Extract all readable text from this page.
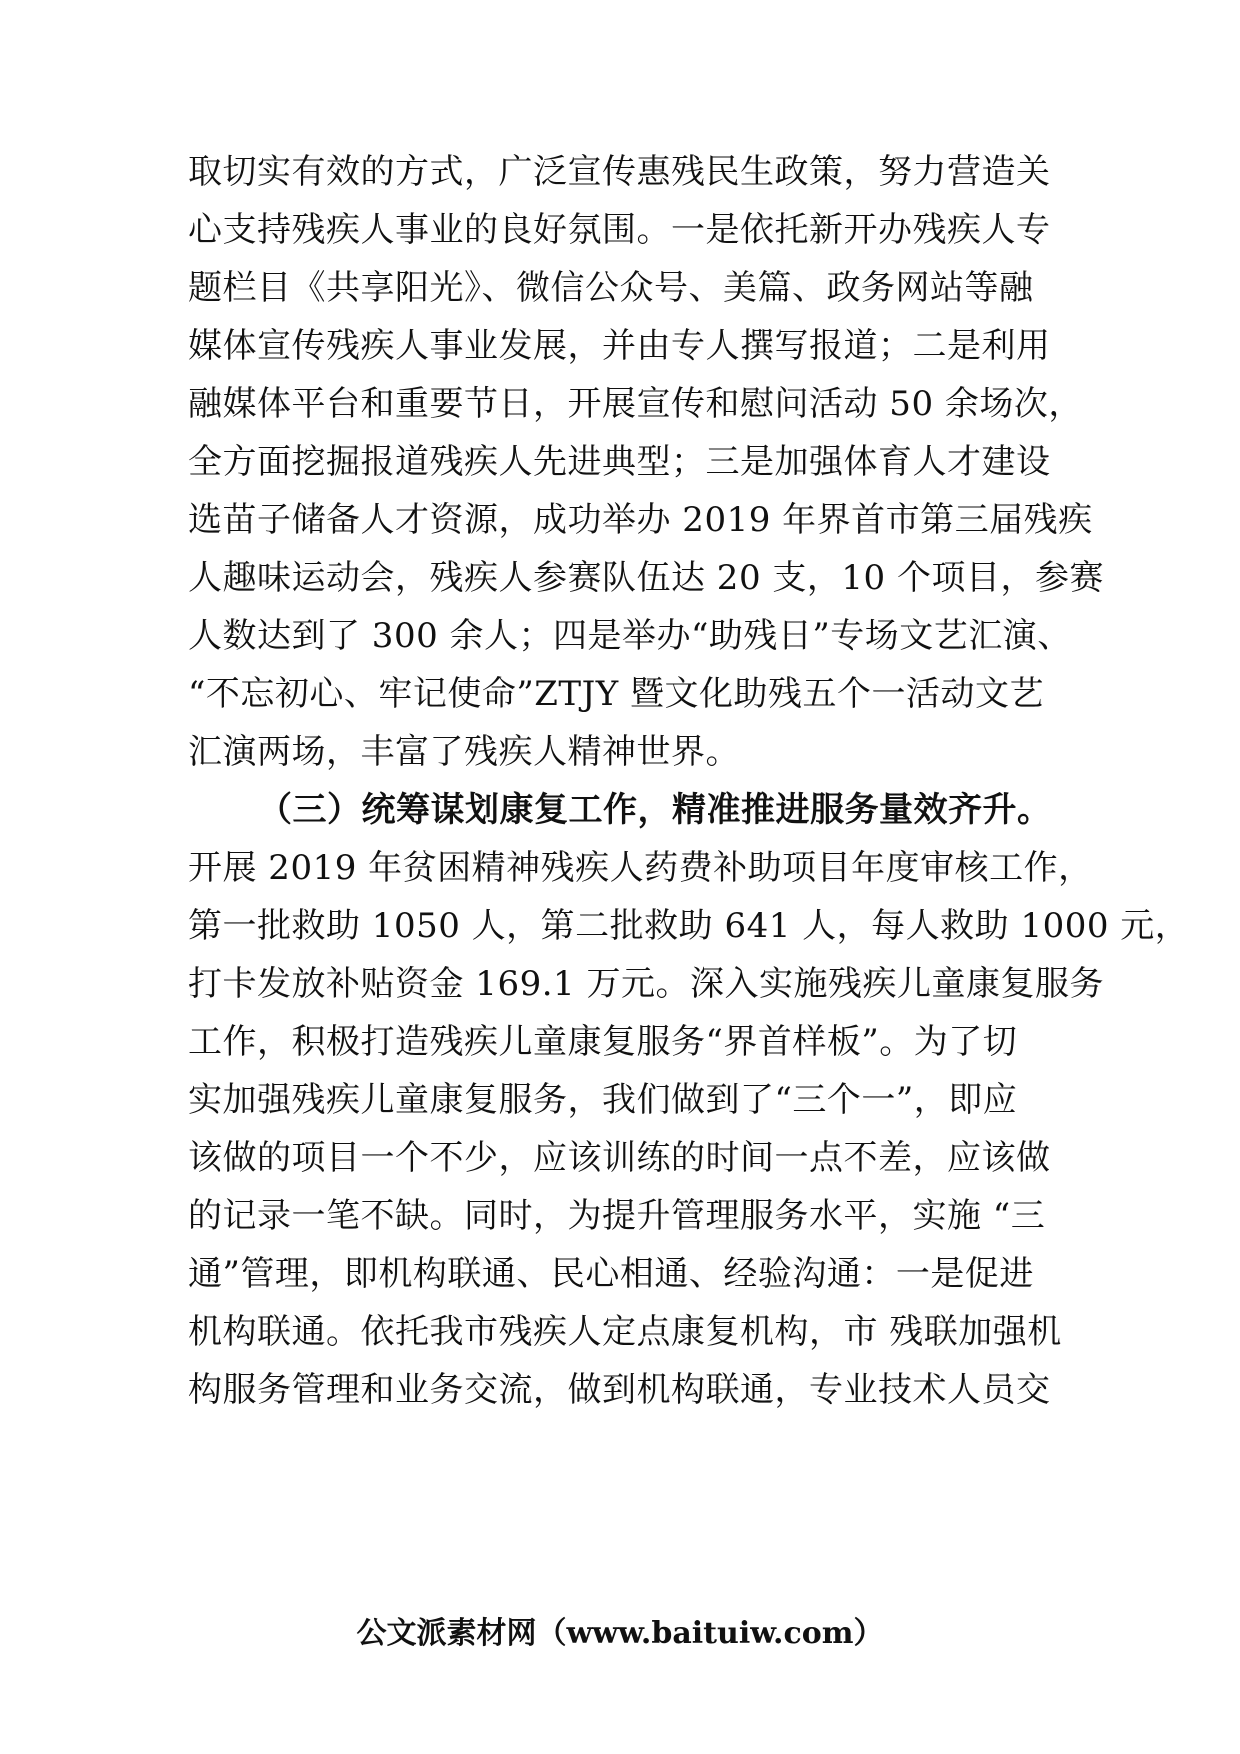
取切实有效的方式，广泛宣传惠残民生政策，努力营造关
心支持残疾人事业的良好氛围。一是依托新开办残疾人专
题栏目《共享阳光》、微信公众号、美篇、政务网站等融
媒体宣传残疾人事业发展，并由专人撰写报道；二是利用
融媒体平台和重要节日，开展宣传和慰问活动 50 余场次，
全方面挖掘报道残疾人先进典型；三是加强体育人才建设
选苗子储备人才资源，成功举办 2019 年界首市第三届残疾
人趣味运动会，残疾人参赛队伍达 20 支，10 个项目，参赛
人数达到了 300 余人；四是举办“助残日”专场文艺汇演、
“不忘初心、牢记使命”ZTJY 暨文化助残五个一活动文艺
汇演两场，丰富了残疾人精神世界。
（三）统筹谋划康复工作，精准推进服务量效齐升。
开展 2019 年贫困精神残疾人药费补助项目年度审核工作，
第一批救助 1050 人，第二批救助 641 人，每人救助 1000 元，
打卡发放补贴资金 169.1 万元。深入实施残疾儿童康复服务
工作，积极打造残疾儿童康复服务“界首样板”。为了切
实加强残疾儿童康复服务，我们做到了“三个一”，即应
该做的项目一个不少，应该训练的时间一点不差，应该做
的记录一笔不缺。同时，为提升管理服务水平，实施 “三
通”管理，即机构联通、民心相通、经验沟通：一是促进
机构联通。依托我市残疾人定点康复机构，市 残联加强机
构服务管理和业务交流，做到机构联通，专业技术人员交
公文派素材网（www.baituiw.com）
